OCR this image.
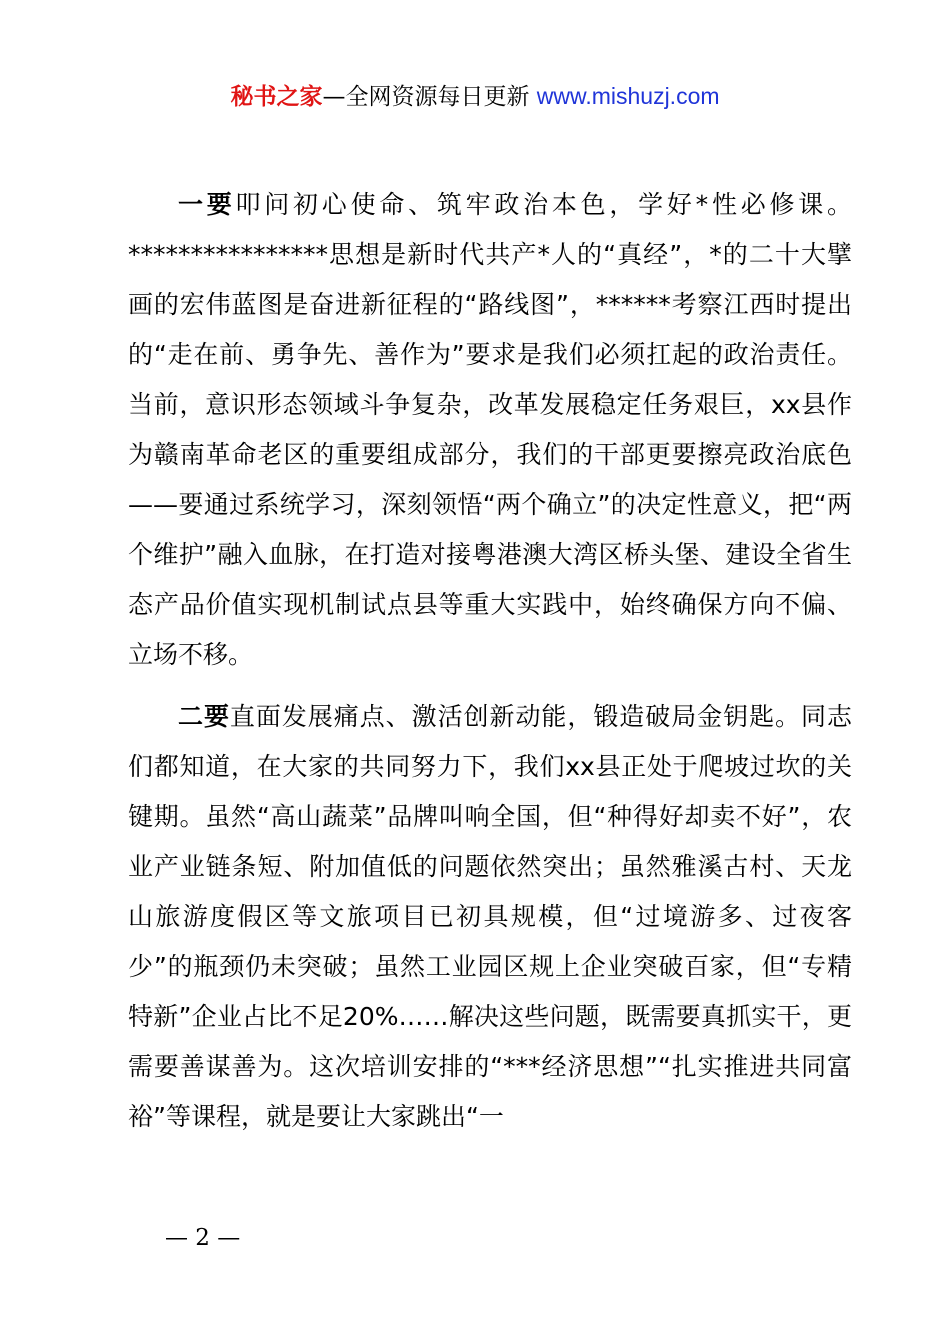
秘书之家—全网资源每日更新 www.mishuzj.com

一要叩问初心使命、筑牢政治本色，学好*性必修课。****************思想是新时代共产*人的“真经”，*的二十大擘画的宏伟蓝图是奋进新征程的“路线图”，******考察江西时提出的“走在前、勇争先、善作为”要求是我们必须扛起的政治责任。当前，意识形态领域斗争复杂，改革发展稳定任务艰巨，xx县作为赣南革命老区的重要组成部分，我们的干部更要擦亮政治底色——要通过系统学习，深刻领悟“两个确立”的决定性意义，把“两个维护”融入血脉，在打造对接粤港澳大湾区桥头堡、建设全省生态产品价值实现机制试点县等重大实践中，始终确保方向不偏、立场不移。

二要直面发展痛点、激活创新动能，锻造破局金钥匙。同志们都知道，在大家的共同努力下，我们xx县正处于爬坡过坎的关键期。虽然“高山蔬菜”品牌叫响全国，但“种得好却卖不好”，农业产业链条短、附加值低的问题依然突出；虽然雅溪古村、天龙山旅游度假区等文旅项目已初具规模，但“过境游多、过夜客少”的瓶颈仍未突破；虽然工业园区规上企业突破百家，但“专精特新”企业占比不足20%……解决这些问题，既需要真抓实干，更需要善谋善为。这次培训安排的“***经济思想”“扎实推进共同富裕”等课程，就是要让大家跳出“一

— 2 —
